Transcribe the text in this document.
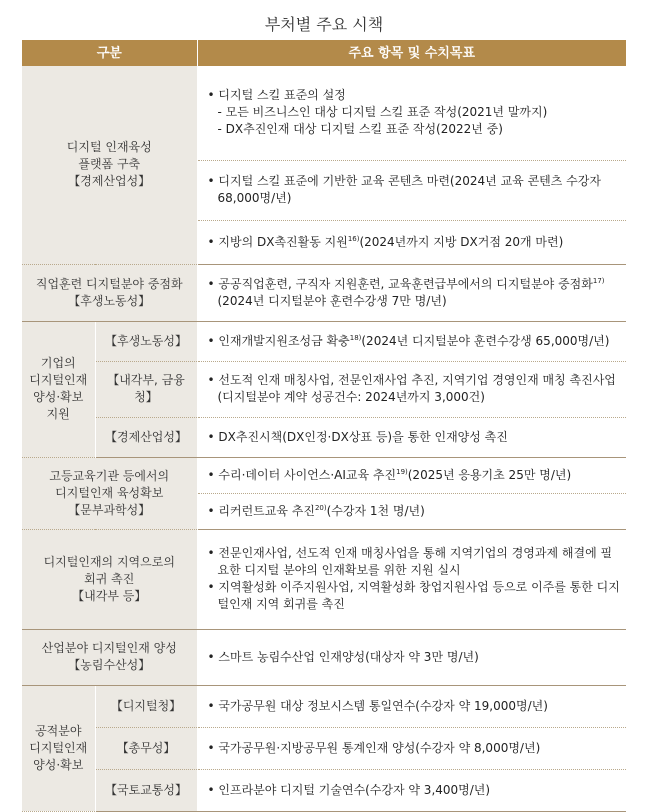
부처별 주요 시책
구분		주요 항목 및 수치목표

디지털 인재육성
플랫폼 구축
【경제산업성】		• 디지털 스킬 표준의 설정
- 모든 비즈니스인 대상 디지털 스킬 표준 작성(2021년 말까지)
- DX추진인재 대상 디지털 스킬 표준 작성(2022년 중)

		• 디지털 스킬 표준에 기반한 교육 콘텐츠 마련(2024년 교육 콘텐츠 수강자 68,000명/년)

		• 지방의 DX촉진활동 지원$^{16)}$(2024년까지 지방 DX거점 20개 마련)

직업훈련 디지털분야 중점화
【후생노동성】		• 공공직업훈련, 구직자 지원훈련, 교육훈련급부에서의 디지털분야 중점화$^{17)}$
(2024년 디지털분야 훈련수강생 7만 명/년)

기업의
디지털인재
양성·확보
지원	【후생노동성】	• 인재개발지원조성금 확충$^{18)}$(2024년 디지털분야 훈련수강생 65,000명/년)
	【내각부, 금융청】	• 선도적 인재 매칭사업, 전문인재사업 추진, 지역기업 경영인재 매칭 촉진사업
(디지털분야 계약 성공건수: 2024년까지 3,000건)

	【경제산업성】	• DX추진시책(DX인정·DX상표 등)을 통한 인재양성 촉진

고등교육기관 등에서의
디지털인재 육성확보
【문부과학성】		• 수리·데이터 사이언스·AI교육 추진$^{19)}$(2025년 응용기초 25만 명/년)
		• 리커런트교육 추진$^{20)}$(수강자 1천 명/년)

디지털인재의 지역으로의
회귀 촉진
【내각부 등】		• 전문인재사업, 선도적 인재 매칭사업을 통해 지역기업의 경영과제 해결에 필요한 디지털 분야의 인재확보를 위한 지원 실시
• 지역활성화 이주지원사업, 지역활성화 창업지원사업 등으로 이주를 통한 디지털인재 지역 회귀를 촉진

산업분야 디지털인재 양성
【농림수산성】		• 스마트 농림수산업 인재양성(대상자 약 3만 명/년)

공적분야
디지털인재
양성·확보	【디지털청】	• 국가공무원 대상 정보시스템 통일연수(수강자 약 19,000명/년)
	【총무성】	• 국가공무원·지방공무원 통계인재 양성(수강자 약 8,000명/년)
	【국토교통성】	• 인프라분야 디지털 기술연수(수강자 약 3,400명/년)
